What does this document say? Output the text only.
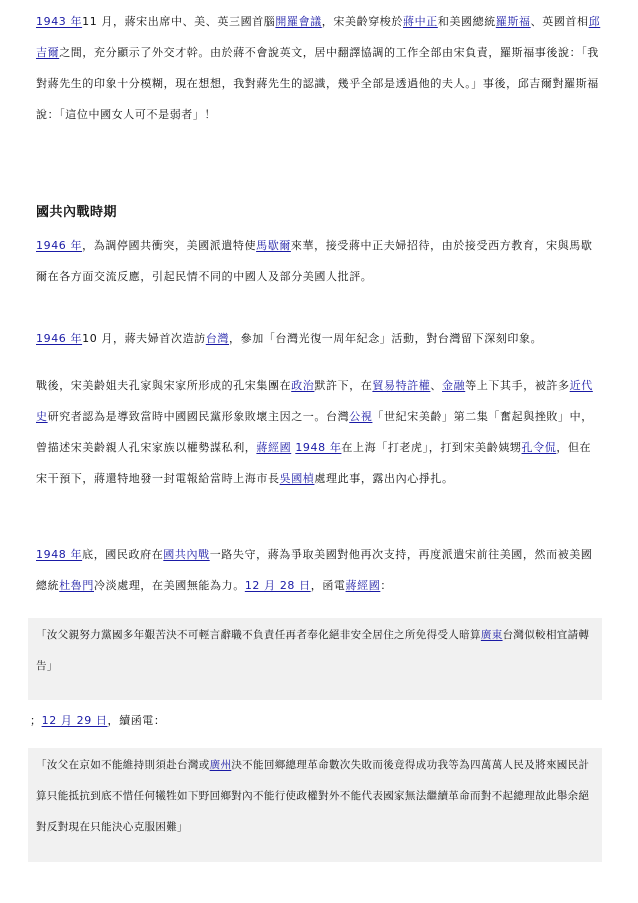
1943 年11 月，蔣宋出席中、美、英三國首腦開羅會議，宋美齡穿梭於蔣中正和美國總統羅斯福、英國首相邱吉爾之間，充分顯示了外交才幹。由於蔣不會說英文，居中翻譯協調的工作全部由宋負責，羅斯福事後說：「我對蔣先生的印象十分模糊，現在想想，我對蔣先生的認識，幾乎全部是透過他的夫人。」事後，邱吉爾對羅斯福說：「這位中國女人可不是弱者」！

國共內戰時期

1946 年，為調停國共衝突，美國派遣特使馬歇爾來華，接受蔣中正夫婦招待，由於接受西方教育，宋與馬歇爾在各方面交流反應，引起民情不同的中國人及部分美國人批評。

1946 年10 月，蔣夫婦首次造訪台灣，參加「台灣光復一周年紀念」活動，對台灣留下深刻印象。

戰後，宋美齡姐夫孔家與宋家所形成的孔宋集團在政治默許下，在貿易特許權、金融等上下其手，被許多近代史研究者認為是導致當時中國國民黨形象敗壞主因之一。台灣公視「世紀宋美齡」第二集「奮起與挫敗」中，曾描述宋美齡親人孔宋家族以權勢謀私利，蔣經國 1948 年在上海「打老虎」，打到宋美齡姨甥孔令侃，但在宋干預下，蔣還特地發一封電報給當時上海市長吳國楨處理此事，露出內心掙扎。

1948 年底，國民政府在國共內戰一路失守，蔣為爭取美國對他再次支持，再度派遣宋前往美國，然而被美國總統杜魯門冷淡處理，在美國無能為力。12 月 28 日，函電蔣經國：

「汝父親努力黨國多年艱苦決不可輕言辭職不負責任再者奉化絕非安全居住之所免得受人暗算廣東台灣似較相宜請轉告」

；12 月 29 日，續函電：

「汝父在京如不能維持則須赴台灣或廣州決不能回鄉總理革命數次失敗而後竟得成功我等為四萬萬人民及將來國民計算只能抵抗到底不惜任何犧牲如下野回鄉對內不能行使政權對外不能代表國家無法繼續革命而對不起總理故此舉余絕對反對現在只能決心克服困難」
